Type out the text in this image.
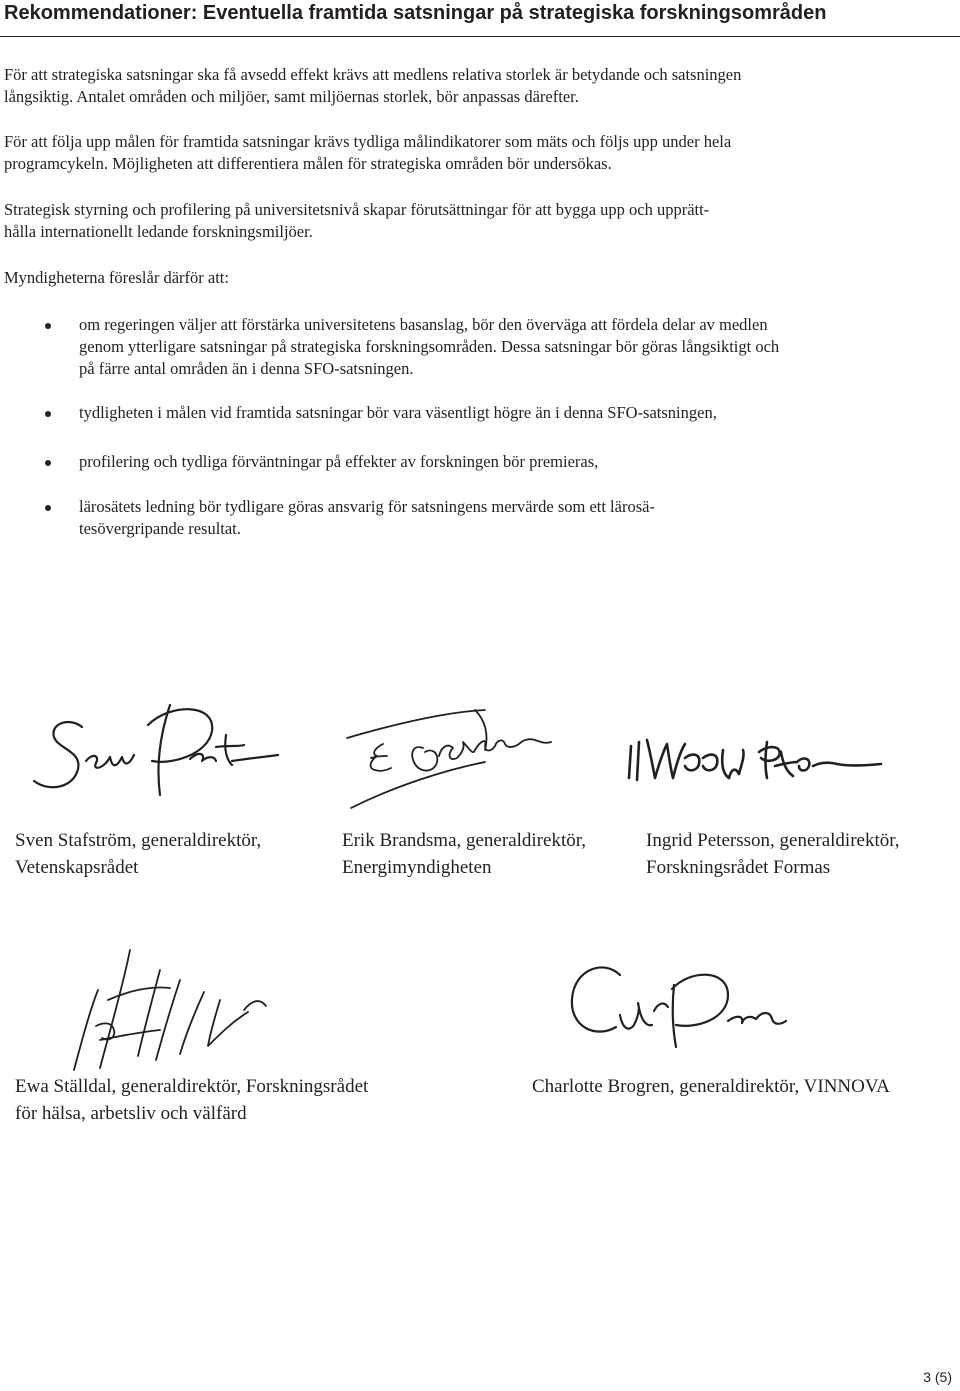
Rekommendationer: Eventuella framtida satsningar på strategiska forskningsområden
För att strategiska satsningar ska få avsedd effekt krävs att medlens relativa storlek är betydande och satsningen
långsiktig. Antalet områden och miljöer, samt miljöernas storlek, bör anpassas därefter.
För att följa upp målen för framtida satsningar krävs tydliga målindikatorer som mäts och följs upp under hela
programcykeln. Möjligheten att differentiera målen för strategiska områden bör undersökas.
Strategisk styrning och profilering på universitetsnivå skapar förutsättningar för att bygga upp och upprätt-
hålla internationellt ledande forskningsmiljöer.
Myndigheterna föreslår därför att:
om regeringen väljer att förstärka universitetens basanslag, bör den överväga att fördela delar av medlen
genom ytterligare satsningar på strategiska forskningsområden. Dessa satsningar bör göras långsiktigt och
på färre antal områden än i denna SFO-satsningen.
tydligheten i målen vid framtida satsningar bör vara väsentligt högre än i denna SFO-satsningen,
profilering och tydliga förväntningar på effekter av forskningen bör premieras,
lärosätets ledning bör tydligare göras ansvarig för satsningens mervärde som ett lärosä-
tesövergripande resultat.
Sven Stafström, generaldirektör,
Vetenskapsrådet
Erik Brandsma, generaldirektör,
Energimyndigheten
Ingrid Petersson, generaldirektör,
Forskningsrådet Formas
Ewa Ställdal, generaldirektör, Forskningsrådet
för hälsa, arbetsliv och välfärd
Charlotte Brogren, generaldirektör, VINNOVA
3 (5)
